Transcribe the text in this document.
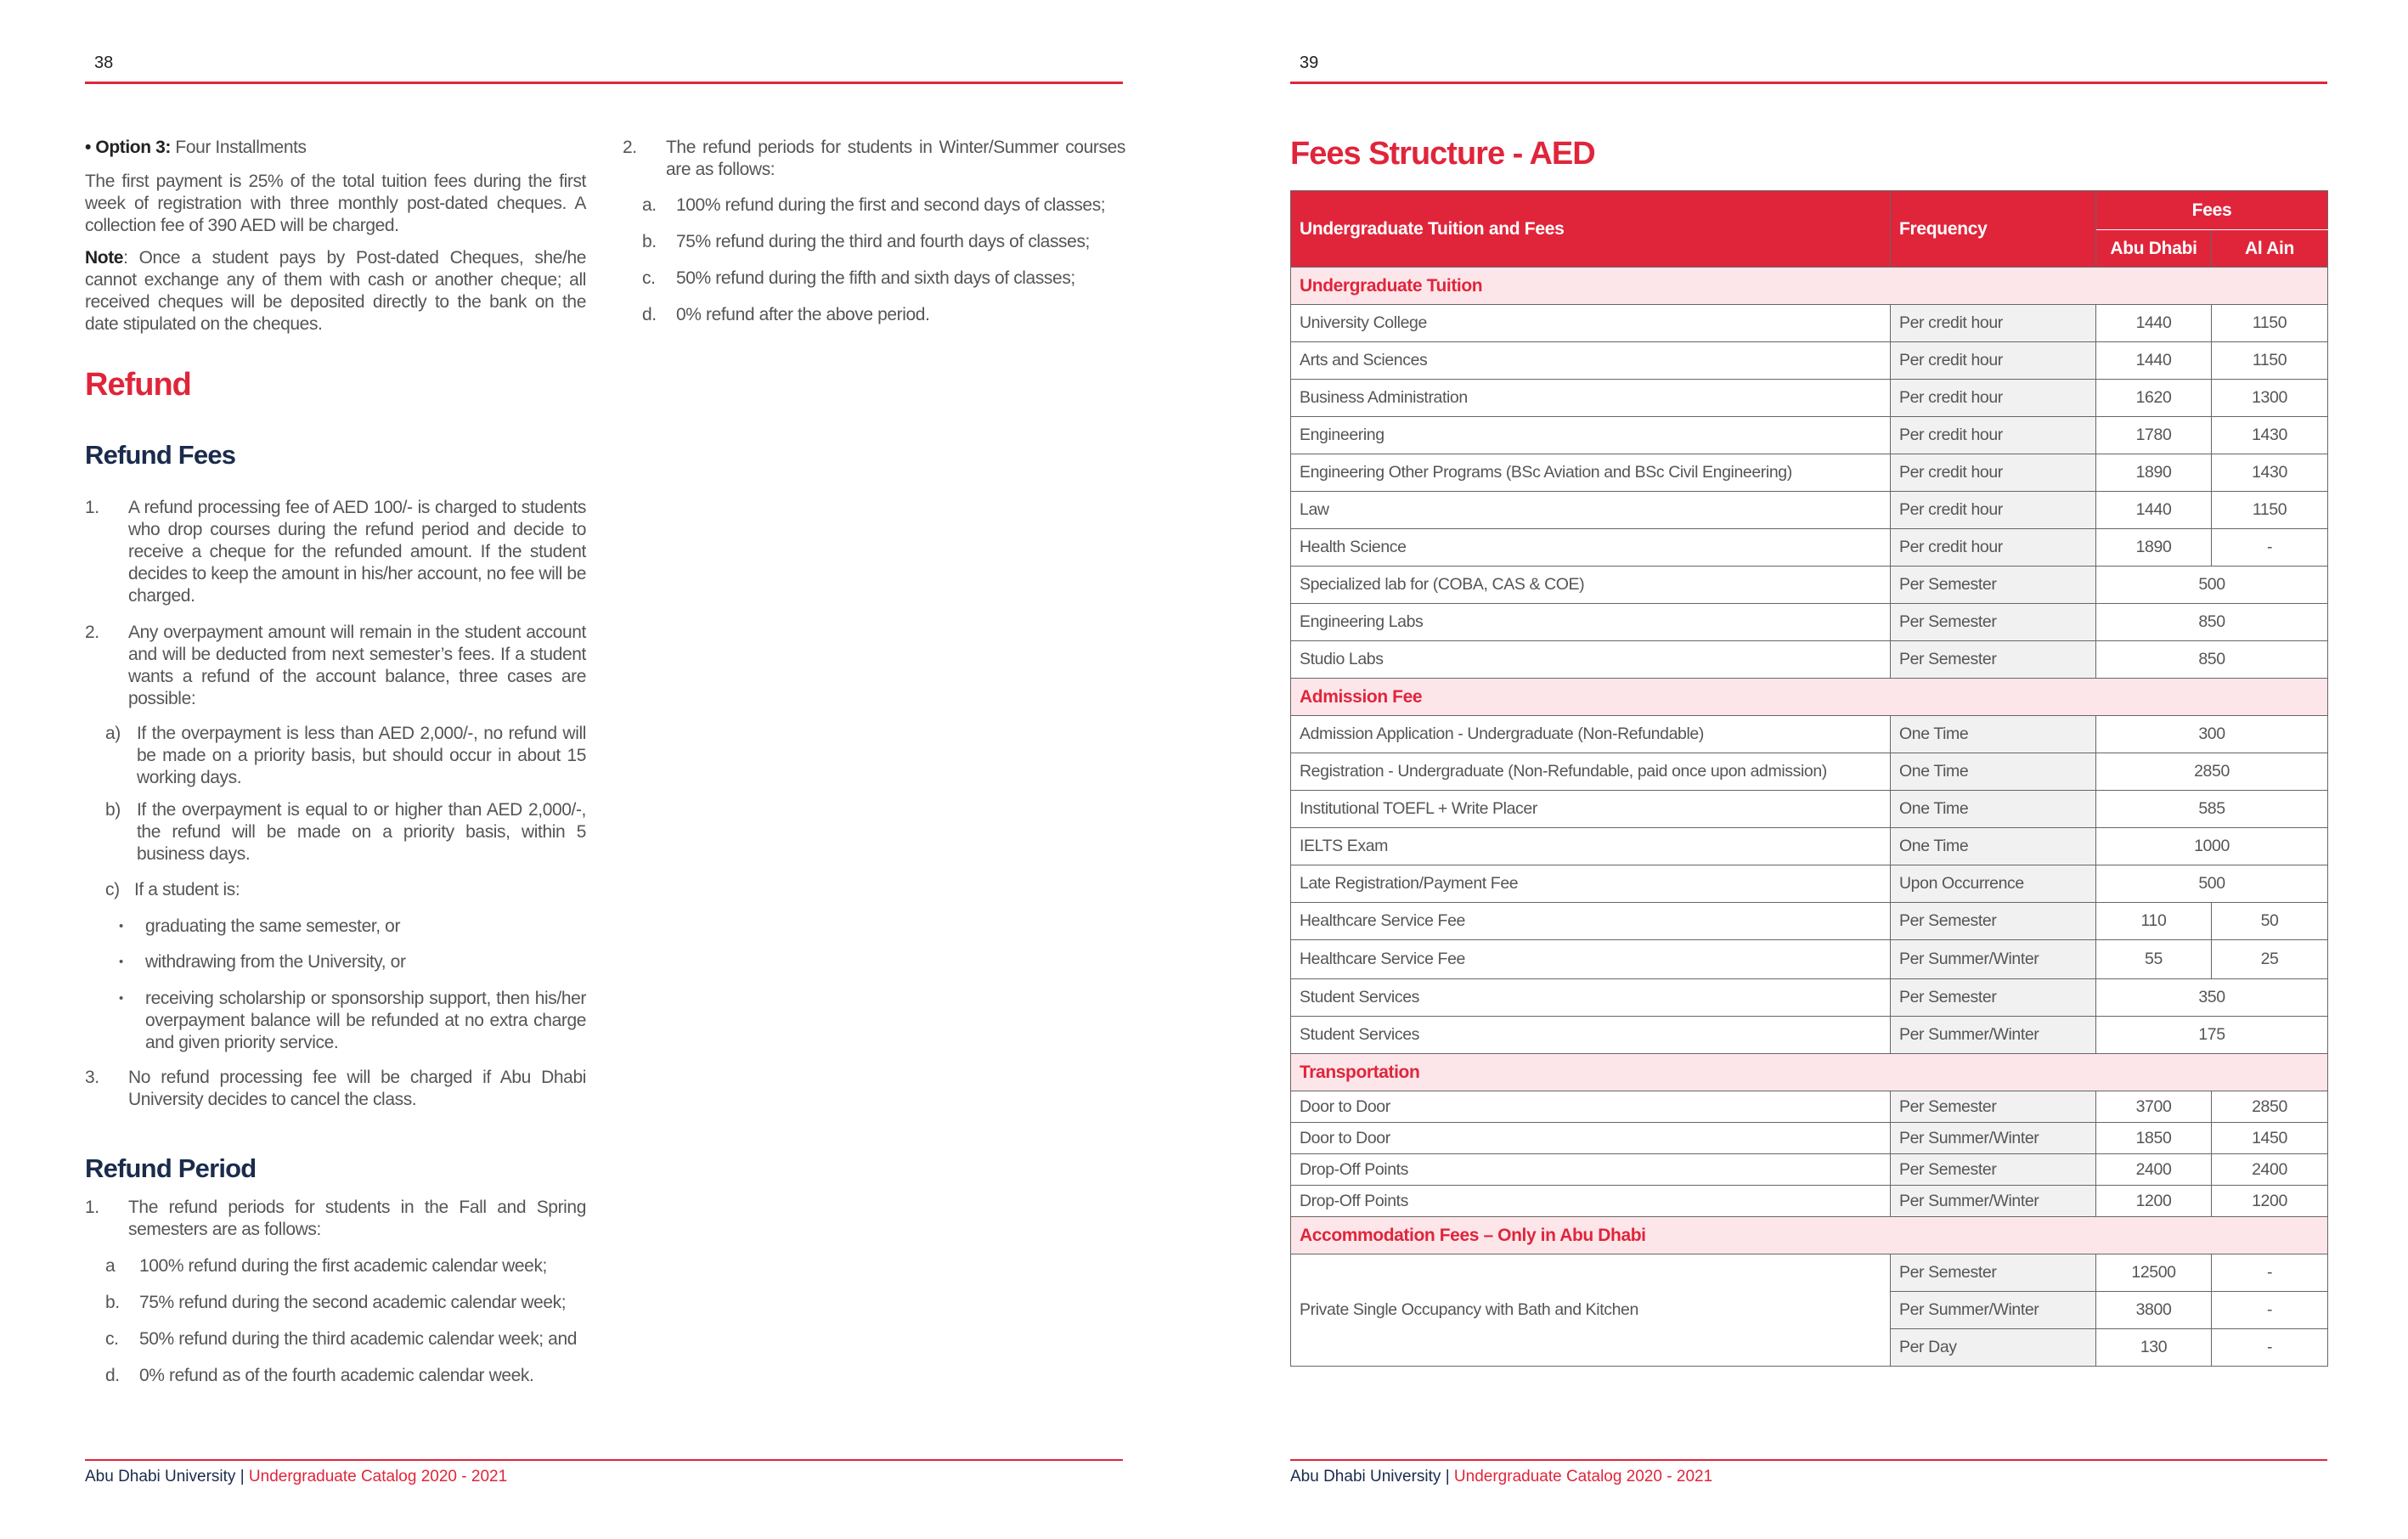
38
• Option 3: Four Installments
The first payment is 25% of the total tuition fees during the first week of registration with three monthly post-dated cheques. A collection fee of 390 AED will be charged.
Note: Once a student pays by Post-dated Cheques, she/he cannot exchange any of them with cash or another cheque; all received cheques will be deposited directly to the bank on the date stipulated on the cheques.
Refund
Refund Fees
1.	A refund processing fee of AED 100/- is charged to students who drop courses during the refund period and decide to receive a cheque for the refunded amount. If the student decides to keep the amount in his/her account, no fee will be charged.
2.	Any overpayment amount will remain in the student account and will be deducted from next semester’s fees. If a student wants a refund of the account balance, three cases are possible:
a) If the overpayment is less than AED 2,000/-, no refund will be made on a priority basis, but should occur in about 15 working days.
b) If the overpayment is equal to or higher than AED 2,000/-, the refund will be made on a priority basis, within 5 business days.
c) If a student is:
•	graduating the same semester, or
•	withdrawing from the University, or
•	receiving scholarship or sponsorship support, then his/her overpayment balance will be refunded at no extra charge and given priority service.
3.	No refund processing fee will be charged if Abu Dhabi University decides to cancel the class.
Refund Period
1.	The refund periods for students in the Fall and Spring semesters are as follows:
a	100% refund during the first academic calendar week;
b.	75% refund during the second academic calendar week;
c.	50% refund during the third academic calendar week; and
d.	0% refund as of the fourth academic calendar week.
2.	The refund periods for students in Winter/Summer courses are as follows:
a.	100% refund during the first and second days of classes;
b.	75% refund during the third and fourth days of classes;
c.	50% refund during the fifth and sixth days of classes;
d.	0% refund after the above period.
Abu Dhabi University | Undergraduate Catalog 2020 - 2021
39
Fees Structure - AED
Undergraduate Tuition and Fees	Frequency	Fees	
		Abu Dhabi	Al Ain
Undergraduate Tuition			
University College	Per credit hour	1440	1150
Arts and Sciences	Per credit hour	1440	1150
Business Administration	Per credit hour	1620	1300
Engineering	Per credit hour	1780	1430
Engineering Other Programs (BSc Aviation and BSc Civil Engineering)	Per credit hour	1890	1430
Law	Per credit hour	1440	1150
Health Science	Per credit hour	1890	-
Specialized lab for (COBA, CAS & COE)	Per Semester	500	
Engineering Labs	Per Semester	850	
Studio Labs	Per Semester	850	
Admission Fee			
Admission Application - Undergraduate (Non-Refundable)	One Time	300	
Registration - Undergraduate (Non-Refundable, paid once upon admission)	One Time	2850	
Institutional TOEFL + Write Placer	One Time	585	
IELTS Exam	One Time	1000	
Late Registration/Payment Fee	Upon Occurrence	500	
Healthcare Service Fee	Per Semester	110	50
Healthcare Service Fee	Per Summer/Winter	55	25
Student Services	Per Semester	350	
Student Services	Per Summer/Winter	175	
Transportation			
Door to Door	Per Semester	3700	2850
Door to Door	Per Summer/Winter	1850	1450
Drop-Off Points	Per Semester	2400	2400
Drop-Off Points	Per Summer/Winter	1200	1200
Accommodation Fees – Only in Abu Dhabi			
Private Single Occupancy with Bath and Kitchen	Per Semester	12500	-
	Per Summer/Winter	3800	-
	Per Day	130	-
Abu Dhabi University | Undergraduate Catalog 2020 - 2021
